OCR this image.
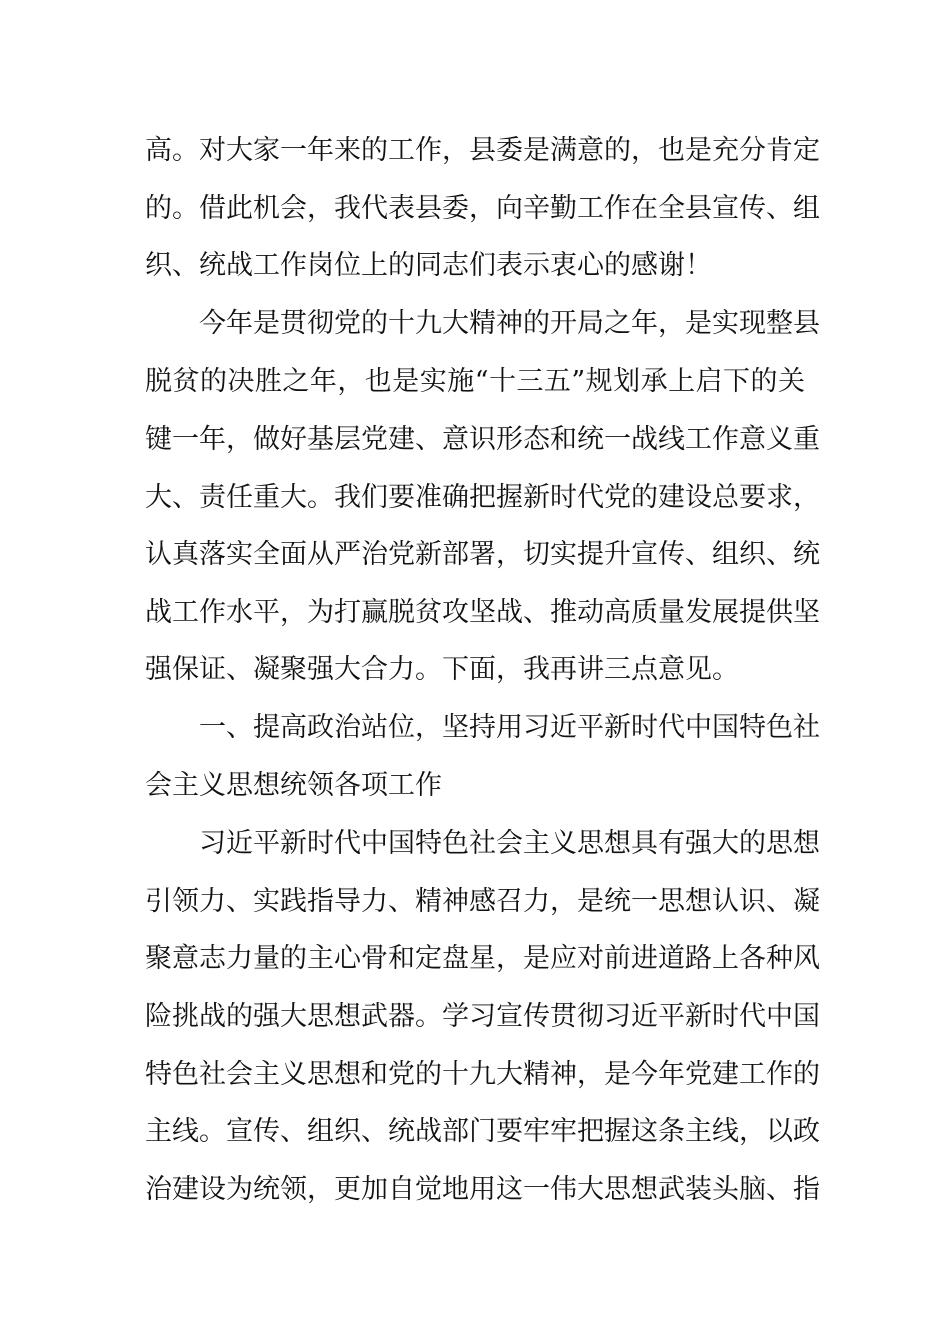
高。对大家一年来的工作，县委是满意的，也是充分肯定
的。借此机会，我代表县委，向辛勤工作在全县宣传、组
织、统战工作岗位上的同志们表示衷心的感谢！
今年是贯彻党的十九大精神的开局之年，是实现整县
脱贫的决胜之年，也是实施“十三五”规划承上启下的关
键一年，做好基层党建、意识形态和统一战线工作意义重
大、责任重大。我们要准确把握新时代党的建设总要求，
认真落实全面从严治党新部署，切实提升宣传、组织、统
战工作水平，为打赢脱贫攻坚战、推动高质量发展提供坚
强保证、凝聚强大合力。下面，我再讲三点意见。
一、提高政治站位，坚持用习近平新时代中国特色社
会主义思想统领各项工作
习近平新时代中国特色社会主义思想具有强大的思想
引领力、实践指导力、精神感召力，是统一思想认识、凝
聚意志力量的主心骨和定盘星，是应对前进道路上各种风
险挑战的强大思想武器。学习宣传贯彻习近平新时代中国
特色社会主义思想和党的十九大精神，是今年党建工作的
主线。宣传、组织、统战部门要牢牢把握这条主线，以政
治建设为统领，更加自觉地用这一伟大思想武装头脑、指
